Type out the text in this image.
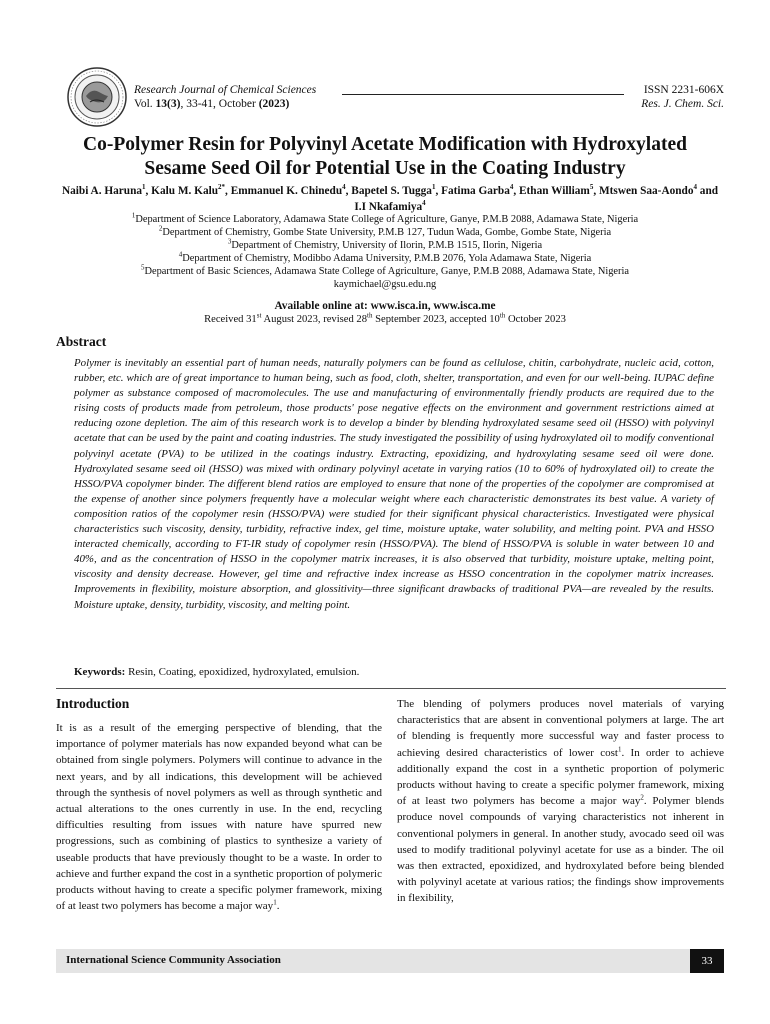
Research Journal of Chemical Sciences
Vol. 13(3), 33-41, October (2023)
ISSN 2231-606X
Res. J. Chem. Sci.
Co-Polymer Resin for Polyvinyl Acetate Modification with Hydroxylated
Sesame Seed Oil for Potential Use in the Coating Industry
Naibi A. Haruna$^1$, Kalu M. Kalu$^{2*}$, Emmanuel K. Chinedu$^4$, Bapetel S. Tugga$^1$, Fatima Garba$^4$, Ethan William$^5$, Mtswen Saa-Aondo$^4$ and I.I Nkafamiya$^4$
$^1$Department of Science Laboratory, Adamawa State College of Agriculture, Ganye, P.M.B 2088, Adamawa State, Nigeria
$^2$Department of Chemistry, Gombe State University, P.M.B 127, Tudun Wada, Gombe, Gombe State, Nigeria
$^3$Department of Chemistry, University of Ilorin, P.M.B 1515, Ilorin, Nigeria
$^4$Department of Chemistry, Modibbo Adama University, P.M.B 2076, Yola Adamawa State, Nigeria
$^5$Department of Basic Sciences, Adamawa State College of Agriculture, Ganye, P.M.B 2088, Adamawa State, Nigeria
kaymichael@gsu.edu.ng
Available online at: www.isca.in, www.isca.me
Received 31st August 2023, revised 28th September 2023, accepted 10th October 2023
Abstract
Polymer is inevitably an essential part of human needs, naturally polymers can be found as cellulose, chitin, carbohydrate, nucleic acid, cotton, rubber, etc. which are of great importance to human being, such as food, cloth, shelter, transportation, and even for our well-being. IUPAC define polymer as substance composed of macromolecules. The use and manufacturing of environmentally friendly products are required due to the rising costs of products made from petroleum, those products' pose negative effects on the environment and government restrictions aimed at reducing ozone depletion. The aim of this research work is to develop a binder by blending hydroxylated sesame seed oil (HSSO) with polyvinyl acetate that can be used by the paint and coating industries. The study investigated the possibility of using hydroxylated oil to modify conventional polyvinyl acetate (PVA) to be utilized in the coatings industry. Extracting, epoxidizing, and hydroxylating sesame seed oil were done. Hydroxylated sesame seed oil (HSSO) was mixed with ordinary polyvinyl acetate in varying ratios (10 to 60% of hydroxylated oil) to create the HSSO/PVA copolymer binder. The different blend ratios are employed to ensure that none of the properties of the copolymer are compromised at the expense of another since polymers frequently have a molecular weight where each characteristic demonstrates its best value. A variety of composition ratios of the copolymer resin (HSSO/PVA) were studied for their significant physical characteristics. Investigated were physical characteristics such viscosity, density, turbidity, refractive index, gel time, moisture uptake, water solubility, and melting point. PVA and HSSO interacted chemically, according to FT-IR study of copolymer resin (HSSO/PVA). The blend of HSSO/PVA is soluble in water between 10 and 40%, and as the concentration of HSSO in the copolymer matrix increases, it is also observed that turbidity, moisture uptake, melting point, viscosity and density decrease. However, gel time and refractive index increase as HSSO concentration in the copolymer matrix increases. Improvements in flexibility, moisture absorption, and glossitivity—three significant drawbacks of traditional PVA—are revealed by the results. Moisture uptake, density, turbidity, viscosity, and melting point.
Keywords: Resin, Coating, epoxidized, hydroxylated, emulsion.
Introduction
It is as a result of the emerging perspective of blending, that the importance of polymer materials has now expanded beyond what can be obtained from single polymers. Polymers will continue to advance in the next years, and by all indications, this development will be achieved through the synthesis of novel polymers as well as through synthetic and actual alterations to the ones currently in use. In the end, recycling difficulties resulting from issues with nature have spurred new progressions, such as combining of plastics to synthesize a variety of useable products that have previously thought to be a waste. In order to achieve and further expand the cost in a synthetic proportion of polymeric products without having to create a specific polymer framework, mixing of at least two polymers has become a major way$^1$.
The blending of polymers produces novel materials of varying characteristics that are absent in conventional polymers at large. The art of blending is frequently more successful way and faster process to achieving desired characteristics of lower cost$^1$. In order to achieve additionally expand the cost in a synthetic proportion of polymeric products without having to create a specific polymer framework, mixing of at least two polymers has become a major way$^2$. Polymer blends produce novel compounds of varying characteristics not inherent in conventional polymers in general. In another study, avocado seed oil was used to modify traditional polyvinyl acetate for use as a binder. The oil was then extracted, epoxidized, and hydroxylated before being blended with polyvinyl acetate at various ratios; the findings show improvements in flexibility,
International Science Community Association	33
